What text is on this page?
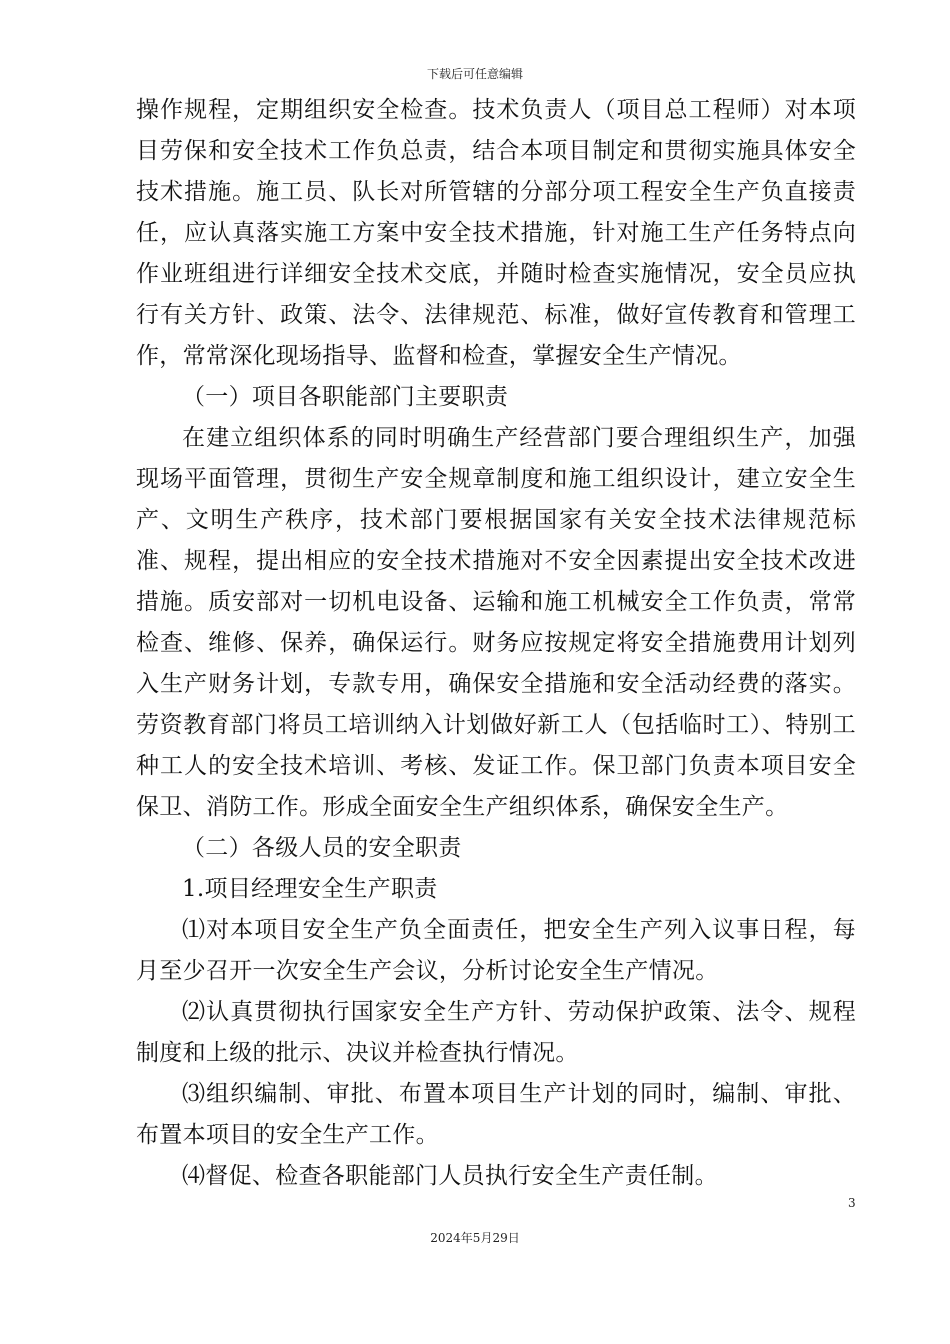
下载后可任意编辑

操作规程，定期组织安全检查。技术负责人（项目总工程师）对本项目劳保和安全技术工作负总责，结合本项目制定和贯彻实施具体安全技术措施。施工员、队长对所管辖的分部分项工程安全生产负直接责任，应认真落实施工方案中安全技术措施，针对施工生产任务特点向作业班组进行详细安全技术交底，并随时检查实施情况，安全员应执行有关方针、政策、法令、法律规范、标准，做好宣传教育和管理工作，常常深化现场指导、监督和检查，掌握安全生产情况。

（一）项目各职能部门主要职责

在建立组织体系的同时明确生产经营部门要合理组织生产，加强现场平面管理，贯彻生产安全规章制度和施工组织设计，建立安全生产、文明生产秩序，技术部门要根据国家有关安全技术法律规范标准、规程，提出相应的安全技术措施对不安全因素提出安全技术改进措施。质安部对一切机电设备、运输和施工机械安全工作负责，常常检查、维修、保养，确保运行。财务应按规定将安全措施费用计划列入生产财务计划，专款专用，确保安全措施和安全活动经费的落实。劳资教育部门将员工培训纳入计划做好新工人（包括临时工）、特别工种工人的安全技术培训、考核、发证工作。保卫部门负责本项目安全保卫、消防工作。形成全面安全生产组织体系，确保安全生产。

（二）各级人员的安全职责

1.项目经理安全生产职责

⑴对本项目安全生产负全面责任，把安全生产列入议事日程，每月至少召开一次安全生产会议，分析讨论安全生产情况。

⑵认真贯彻执行国家安全生产方针、劳动保护政策、法令、规程制度和上级的批示、决议并检查执行情况。

⑶组织编制、审批、布置本项目生产计划的同时，编制、审批、布置本项目的安全生产工作。

⑷督促、检查各职能部门人员执行安全生产责任制。

3
2024年5月29日
